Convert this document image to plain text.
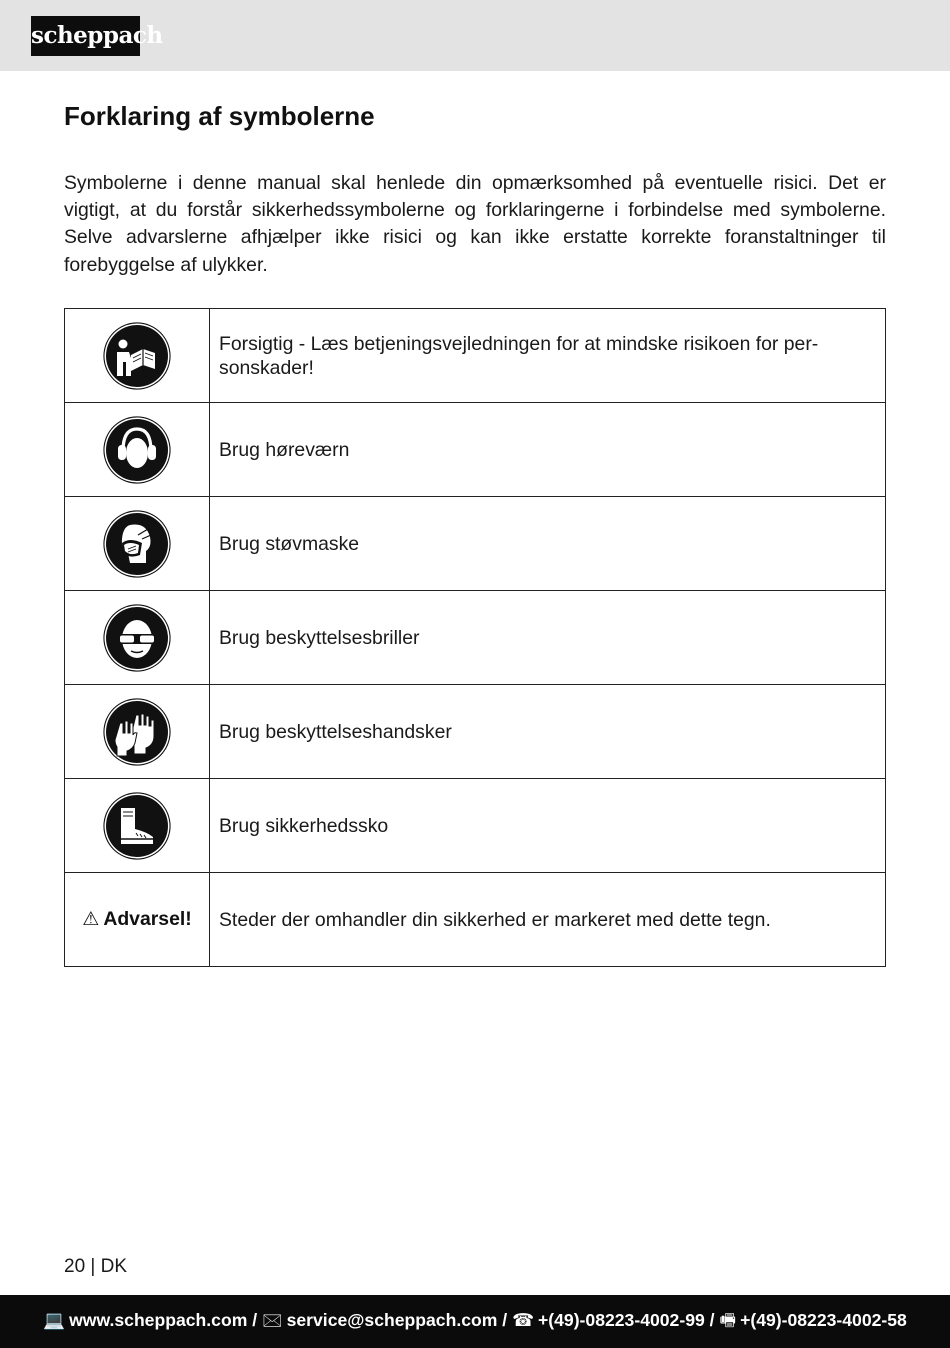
scheppach
Forklaring af symbolerne

Symbolerne i denne manual skal henlede din opmærksomhed på eventuelle risici. Det er vigtigt, at du forstår sikkerhedssymbolerne og forklaringerne i forbindelse med symbolerne. Selve advarslerne afhjælper ikke risici og kan ikke erstatte korrekte foranstaltninger til forebyggelse af ulykker.

	Forsigtig - Læs betjeningsvejledningen for at mindske risikoen for personskader!

	Brug høreværn

	Brug støvmaske

	Brug beskyttelsesbriller

	Brug beskyttelseshandsker

	Brug sikkerhedssko
⚠ Advarsel!	Steder der omhandler din sikkerhed er markeret med dette tegn.
20 | DK
💻 www.scheppach.com / 🖂 service@scheppach.com / ☎ +(49)-08223-4002-99 / 🖷 +(49)-08223-4002-58
